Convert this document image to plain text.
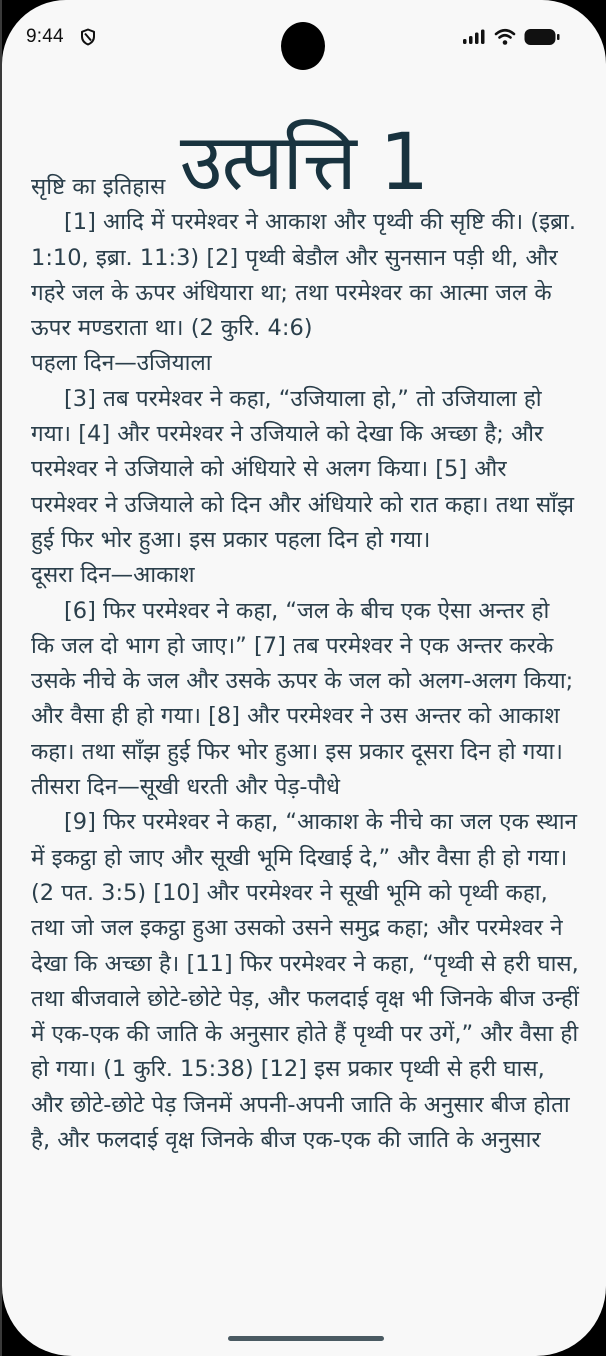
9:44
उत्पत्ति 1
सृष्टि का इतिहास
[1] आदि में परमेश्वर ने आकाश और पृथ्वी की सृष्टि की। (इब्रा. 1:10, इब्रा. 11:3) [2] पृथ्वी बेडौल और सुनसान पड़ी थी, और गहरे जल के ऊपर अंधियारा था; तथा परमेश्वर का आत्मा जल के ऊपर मण्डराता था। (2 कुरि. 4:6)
पहला दिन—उजियाला
[3] तब परमेश्वर ने कहा, “उजियाला हो,” तो उजियाला हो गया। [4] और परमेश्वर ने उजियाले को देखा कि अच्छा है; और परमेश्वर ने उजियाले को अंधियारे से अलग किया। [5] और परमेश्वर ने उजियाले को दिन और अंधियारे को रात कहा। तथा साँझ हुई फिर भोर हुआ। इस प्रकार पहला दिन हो गया।
दूसरा दिन—आकाश
[6] फिर परमेश्वर ने कहा, “जल के बीच एक ऐसा अन्तर हो कि जल दो भाग हो जाए।” [7] तब परमेश्वर ने एक अन्तर करके उसके नीचे के जल और उसके ऊपर के जल को अलग-अलग किया; और वैसा ही हो गया। [8] और परमेश्वर ने उस अन्तर को आकाश कहा। तथा साँझ हुई फिर भोर हुआ। इस प्रकार दूसरा दिन हो गया।
तीसरा दिन—सूखी धरती और पेड़-पौधे
[9] फिर परमेश्वर ने कहा, “आकाश के नीचे का जल एक स्थान में इकट्ठा हो जाए और सूखी भूमि दिखाई दे,” और वैसा ही हो गया। (2 पत. 3:5) [10] और परमेश्वर ने सूखी भूमि को पृथ्वी कहा, तथा जो जल इकट्ठा हुआ उसको उसने समुद्र कहा; और परमेश्वर ने देखा कि अच्छा है। [11] फिर परमेश्वर ने कहा, “पृथ्वी से हरी घास, तथा बीजवाले छोटे-छोटे पेड़, और फलदाई वृक्ष भी जिनके बीज उन्हीं में एक-एक की जाति के अनुसार होते हैं पृथ्वी पर उगें,” और वैसा ही हो गया। (1 कुरि. 15:38) [12] इस प्रकार पृथ्वी से हरी घास, और छोटे-छोटे पेड़ जिनमें अपनी-अपनी जाति के अनुसार बीज होता है, और फलदाई वृक्ष जिनके बीज एक-एक की जाति के अनुसार
